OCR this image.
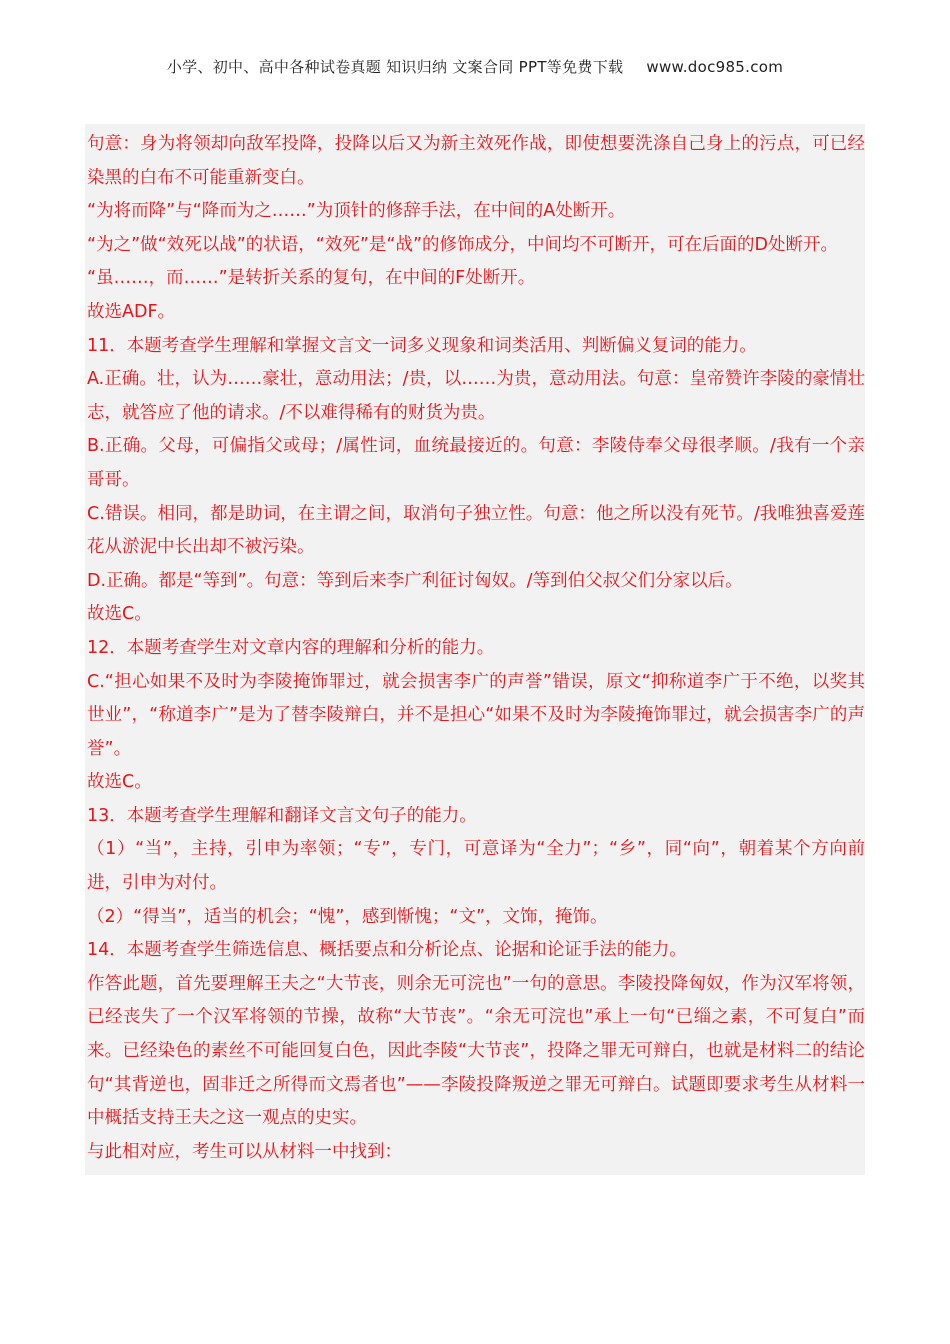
小学、初中、高中各种试卷真题 知识归纳 文案合同 PPT等免费下载 www.doc985.com

句意：身为将领却向敌军投降，投降以后又为新主效死作战，即使想要洗涤自己身上的污点，可已经染黑的白布不可能重新变白。

“为将而降”与“降而为之……”为顶针的修辞手法，在中间的A处断开。

“为之”做“效死以战”的状语，“效死”是“战”的修饰成分，中间均不可断开，可在后面的D处断开。

“虽……，而……”是转折关系的复句，在中间的F处断开。

故选ADF。

11．本题考查学生理解和掌握文言文一词多义现象和词类活用、判断偏义复词的能力。

A.正确。壮，认为……豪壮，意动用法；/贵，以……为贵，意动用法。句意：皇帝赞许李陵的豪情壮志，就答应了他的请求。/不以难得稀有的财货为贵。

B.正确。父母，可偏指父或母；/属性词，血统最接近的。句意：李陵侍奉父母很孝顺。/我有一个亲哥哥。

C.错误。相同，都是助词，在主谓之间，取消句子独立性。句意：他之所以没有死节。/我唯独喜爱莲花从淤泥中长出却不被污染。

D.正确。都是“等到”。句意：等到后来李广利征讨匈奴。/等到伯父叔父们分家以后。

故选C。

12．本题考查学生对文章内容的理解和分析的能力。

C.“担心如果不及时为李陵掩饰罪过，就会损害李广的声誉”错误，原文“抑称道李广于不绝，以奖其世业”，“称道李广”是为了替李陵辩白，并不是担心“如果不及时为李陵掩饰罪过，就会损害李广的声誉”。

故选C。

13．本题考查学生理解和翻译文言文句子的能力。

（1）“当”，主持，引申为率领；“专”，专门，可意译为“全力”；“乡”，同“向”，朝着某个方向前进，引申为对付。

（2）“得当”，适当的机会；“愧”，感到惭愧；“文”，文饰，掩饰。

14．本题考查学生筛选信息、概括要点和分析论点、论据和论证手法的能力。

作答此题，首先要理解王夫之“大节丧，则余无可浣也”一句的意思。李陵投降匈奴，作为汉军将领，已经丧失了一个汉军将领的节操，故称“大节丧”。“余无可浣也”承上一句“已缁之素，不可复白”而来。已经染色的素丝不可能回复白色，因此李陵“大节丧”，投降之罪无可辩白，也就是材料二的结论句“其背逆也，固非迁之所得而文焉者也”——李陵投降叛逆之罪无可辩白。试题即要求考生从材料一中概括支持王夫之这一观点的史实。

与此相对应，考生可以从材料一中找到：
